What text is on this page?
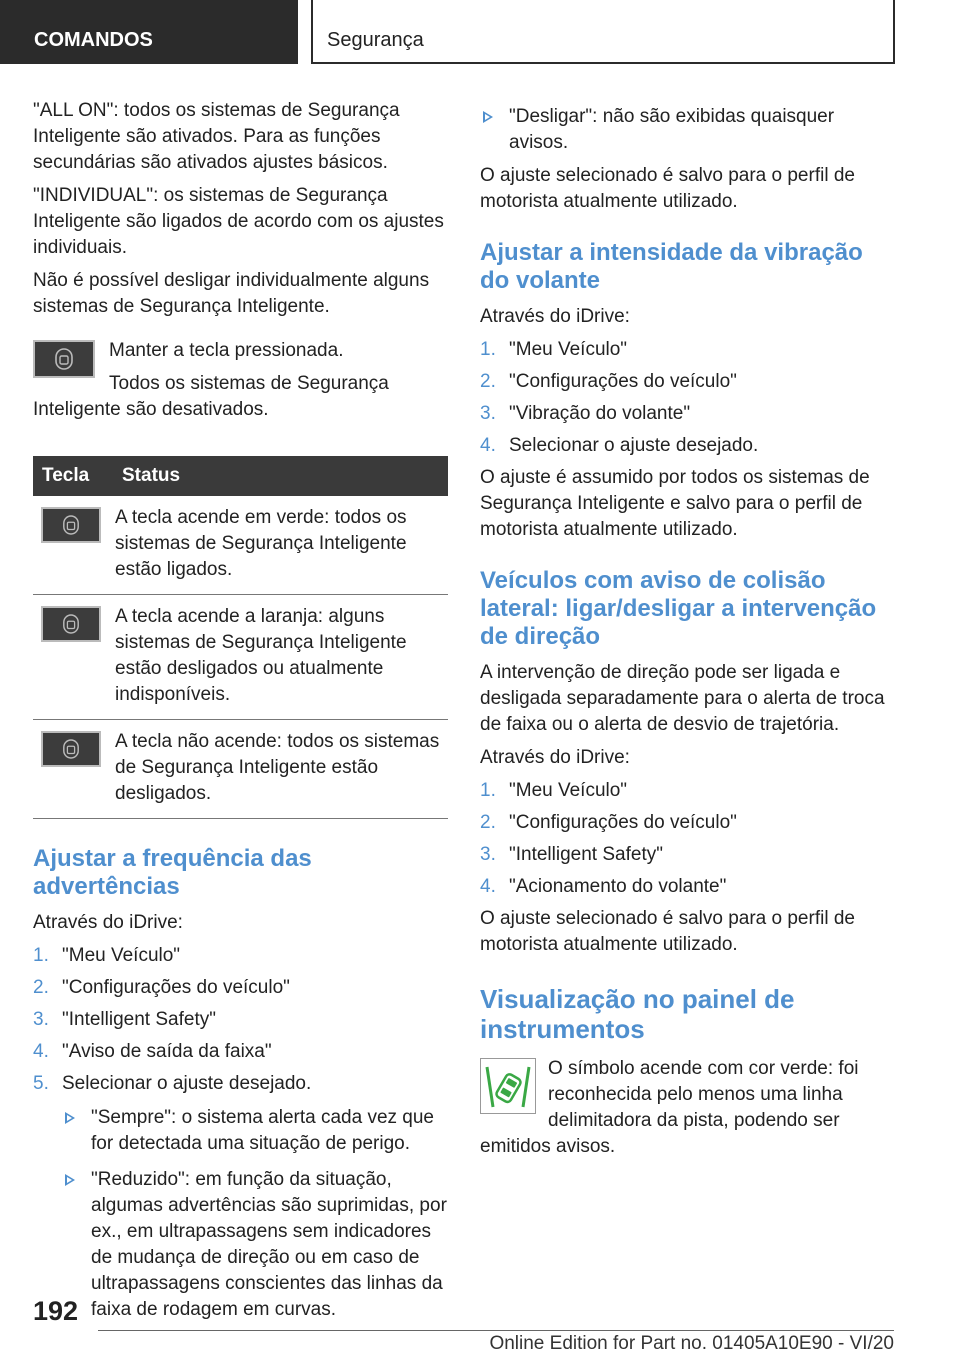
COMANDOS	Segurança

"ALL ON": todos os sistemas de Segurança Inteligente são ativados. Para as funções secundárias são ativados ajustes básicos.

"INDIVIDUAL": os sistemas de Segurança Inteligente são ligados de acordo com os ajustes individuais.

Não é possível desligar individualmente alguns sistemas de Segurança Inteligente.

Manter a tecla pressionada.

Todos os sistemas de Segurança Inteligente são desativados.

Tecla	Status

	A tecla acende em verde: todos os sistemas de Segurança Inteligente estão ligados.

	A tecla acende a laranja: alguns sistemas de Segurança Inteligente estão desligados ou atualmente indisponíveis.

	A tecla não acende: todos os sistemas de Segurança Inteligente estão desligados.
Ajustar a frequência das advertências

Através do iDrive:

1. "Meu Veículo"
2. "Configurações do veículo"
3. "Intelligent Safety"
4. "Aviso de saída da faixa"
5. Selecionar o ajuste desejado.
"Sempre": o sistema alerta cada vez que for detectada uma situação de perigo.
"Reduzido": em função da situação, algumas advertências são suprimidas, por ex., em ultrapassagens sem indicadores de mudança de direção ou em caso de ultrapassagens conscientes das linhas da faixa de rodagem em curvas.
"Desligar": não são exibidas quaisquer avisos.

O ajuste selecionado é salvo para o perfil de motorista atualmente utilizado.

Ajustar a intensidade da vibração do volante

Através do iDrive:

1. "Meu Veículo"
2. "Configurações do veículo"
3. "Vibração do volante"
4. Selecionar o ajuste desejado.

O ajuste é assumido por todos os sistemas de Segurança Inteligente e salvo para o perfil de motorista atualmente utilizado.

Veículos com aviso de colisão lateral: ligar/desligar a intervenção de direção

A intervenção de direção pode ser ligada e desligada separadamente para o alerta de troca de faixa ou o alerta de desvio de trajetória.

Através do iDrive:

1. "Meu Veículo"
2. "Configurações do veículo"
3. "Intelligent Safety"
4. "Acionamento do volante"

O ajuste selecionado é salvo para o perfil de motorista atualmente utilizado.

Visualização no painel de instrumentos

O símbolo acende com cor verde: foi reconhecida pelo menos uma linha delimitadora da pista, podendo ser emitidos avisos.

192
Online Edition for Part no. 01405A10E90 - VI/20
